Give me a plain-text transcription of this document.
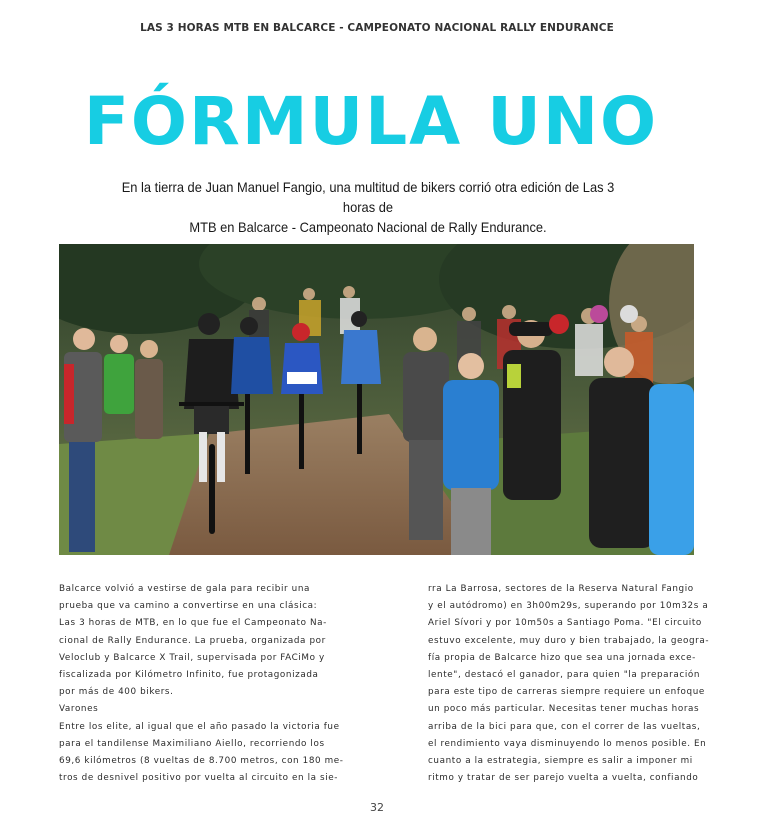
LAS 3 HORAS MTB EN BALCARCE - CAMPEONATO NACIONAL RALLY ENDURANCE
FÓRMULA UNO
En la tierra de Juan Manuel Fangio, una multitud de bikers corrió otra edición de Las 3 horas de
MTB en Balcarce - Campeonato Nacional de Rally Endurance.

Balcarce volvió a vestirse de gala para recibir una

prueba que va camino a convertirse en una clásica:

Las 3 horas de MTB, en lo que fue el Campeonato Na-

cional de Rally Endurance. La prueba, organizada por

Veloclub y Balcarce X Trail, supervisada por FACiMo y

fiscalizada por Kilómetro Infinito, fue protagonizada

por más de 400 bikers.

Varones

Entre los elite, al igual que el año pasado la victoria fue

para el tandilense Maximiliano Aiello, recorriendo los

69,6 kilómetros (8 vueltas de 8.700 metros, con 180 me-

tros de desnivel positivo por vuelta al circuito en la sie-

rra La Barrosa, sectores de la Reserva Natural Fangio

y el autódromo) en 3h00m29s, superando por 10m32s a

Ariel Sívori y por 10m50s a Santiago Poma. "El circuito

estuvo excelente, muy duro y bien trabajado, la geogra-

fía propia de Balcarce hizo que sea una jornada exce-

lente", destacó el ganador, para quien "la preparación

para este tipo de carreras siempre requiere un enfoque

un poco más particular. Necesitas tener muchas horas

arriba de la bici para que, con el correr de las vueltas,

el rendimiento vaya disminuyendo lo menos posible. En

cuanto a la estrategia, siempre es salir a imponer mi

ritmo y tratar de ser parejo vuelta a vuelta, confiando

32
